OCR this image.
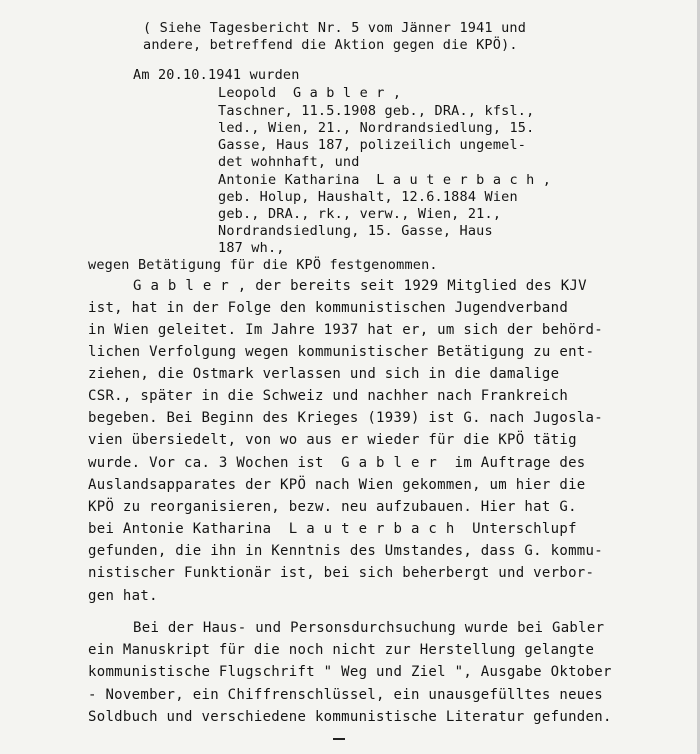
( Siehe Tagesbericht Nr. 5 vom Jänner 1941 und
andere, betreffend die Aktion gegen die KPÖ).
Am 20.10.1941 wurden
Leopold  G a b l e r ,
Taschner, 11.5.1908 geb., DRA., kfsl.,
led., Wien, 21., Nordrandsiedlung, 15.
Gasse, Haus 187, polizeilich ungemel-
det wohnhaft, und
Antonie Katharina  L a u t e r b a c h ,
geb. Holup, Haushalt, 12.6.1884 Wien
geb., DRA., rk., verw., Wien, 21.,
Nordrandsiedlung, 15. Gasse, Haus
187 wh.,
wegen Betätigung für die KPÖ festgenommen.
G a b l e r , der bereits seit 1929 Mitglied des KJV
ist, hat in der Folge den kommunistischen Jugendverband
in Wien geleitet. Im Jahre 1937 hat er, um sich der behörd-
lichen Verfolgung wegen kommunistischer Betätigung zu ent-
ziehen, die Ostmark verlassen und sich in die damalige
CSR., später in die Schweiz und nachher nach Frankreich
begeben. Bei Beginn des Krieges (1939) ist G. nach Jugosla-
vien übersiedelt, von wo aus er wieder für die KPÖ tätig
wurde. Vor ca. 3 Wochen ist  G a b l e r  im Auftrage des
Auslandsapparates der KPÖ nach Wien gekommen, um hier die
KPÖ zu reorganisieren, bezw. neu aufzubauen. Hier hat G.
bei Antonie Katharina  L a u t e r b a c h  Unterschlupf
gefunden, die ihn in Kenntnis des Umstandes, dass G. kommu-
nistischer Funktionär ist, bei sich beherbergt und verbor-
gen hat.
Bei der Haus- und Personsdurchsuchung wurde bei Gabler
ein Manuskript für die noch nicht zur Herstellung gelangte
kommunistische Flugschrift " Weg und Ziel ", Ausgabe Oktober
- November, ein Chiffrenschlüssel, ein unausgefülltes neues
Soldbuch und verschiedene kommunistische Literatur gefunden.
